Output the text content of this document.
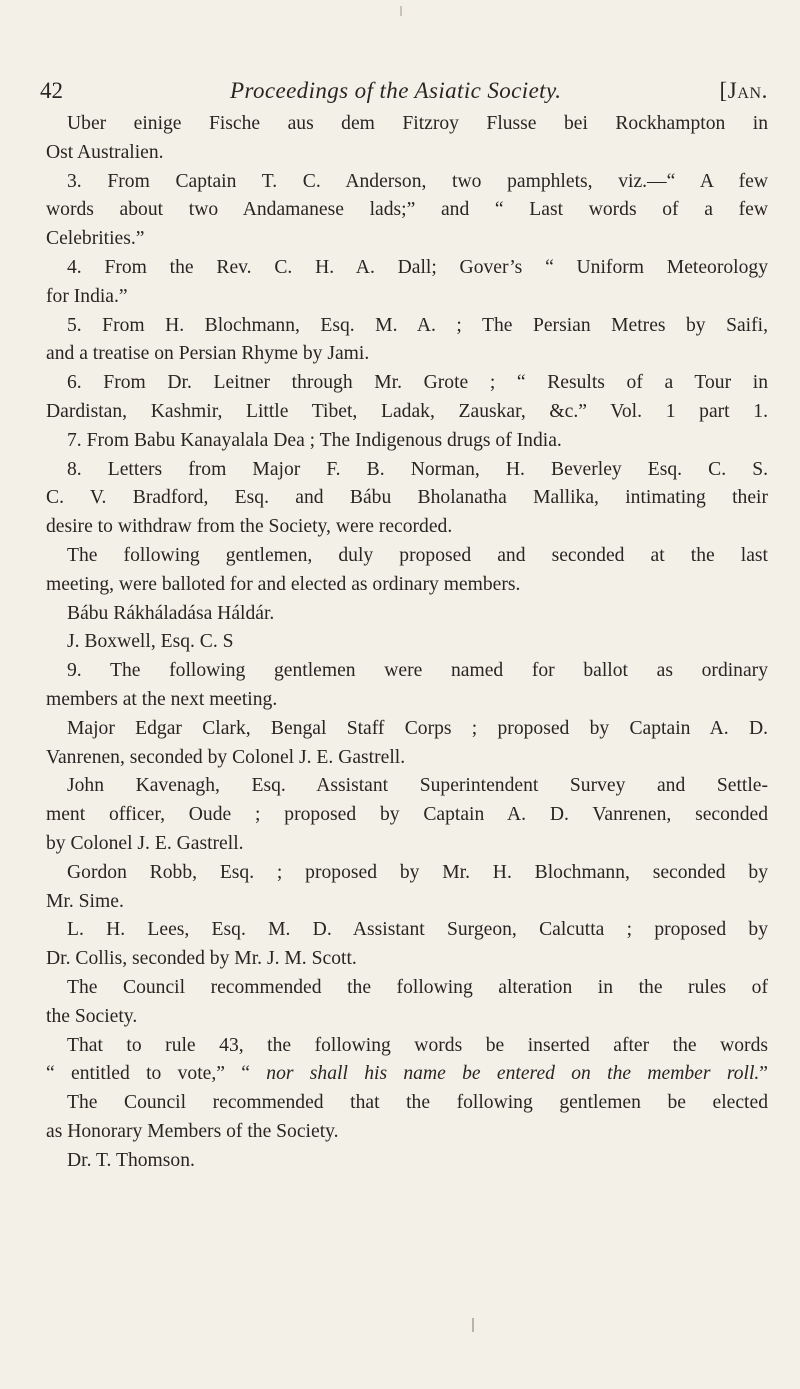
42	Proceedings of the Asiatic Society.	[Jan.
Uber einige Fische aus dem Fitzroy Flusse bei Rockhampton in
Ost Australien.
3. From Captain T. C. Anderson, two pamphlets, viz.—“ A few
words about two Andamanese lads;” and “ Last words of a few
Celebrities.”
4. From the Rev. C. H. A. Dall; Gover’s “ Uniform Meteorology
for India.”
5. From H. Blochmann, Esq. M. A. ; The Persian Metres by Saifi,
and a treatise on Persian Rhyme by Jami.
6. From Dr. Leitner through Mr. Grote ; “ Results of a Tour in
Dardistan, Kashmir, Little Tibet, Ladak, Zauskar, &c.” Vol. 1 part 1.
7. From Babu Kanayalala Dea ; The Indigenous drugs of India.
8. Letters from Major F. B. Norman, H. Beverley Esq. C. S.
C. V. Bradford, Esq. and Bábu Bholanatha Mallika, intimating their
desire to withdraw from the Society, were recorded.
The following gentlemen, duly proposed and seconded at the last
meeting, were balloted for and elected as ordinary members.
Bábu Rákháladása Háldár.
J. Boxwell, Esq. C. S
9. The following gentlemen were named for ballot as ordinary
members at the next meeting.
Major Edgar Clark, Bengal Staff Corps ; proposed by Captain A. D.
Vanrenen, seconded by Colonel J. E. Gastrell.
John Kavenagh, Esq. Assistant Superintendent Survey and Settle-
ment officer, Oude ; proposed by Captain A. D. Vanrenen, seconded
by Colonel J. E. Gastrell.
Gordon Robb, Esq. ; proposed by Mr. H. Blochmann, seconded by
Mr. Sime.
L. H. Lees, Esq. M. D. Assistant Surgeon, Calcutta ; proposed by
Dr. Collis, seconded by Mr. J. M. Scott.
The Council recommended the following alteration in the rules of
the Society.
That to rule 43, the following words be inserted after the words
“ entitled to vote,” “ nor shall his name be entered on the member roll.”
The Council recommended that the following gentlemen be elected
as Honorary Members of the Society.
Dr. T. Thomson.
